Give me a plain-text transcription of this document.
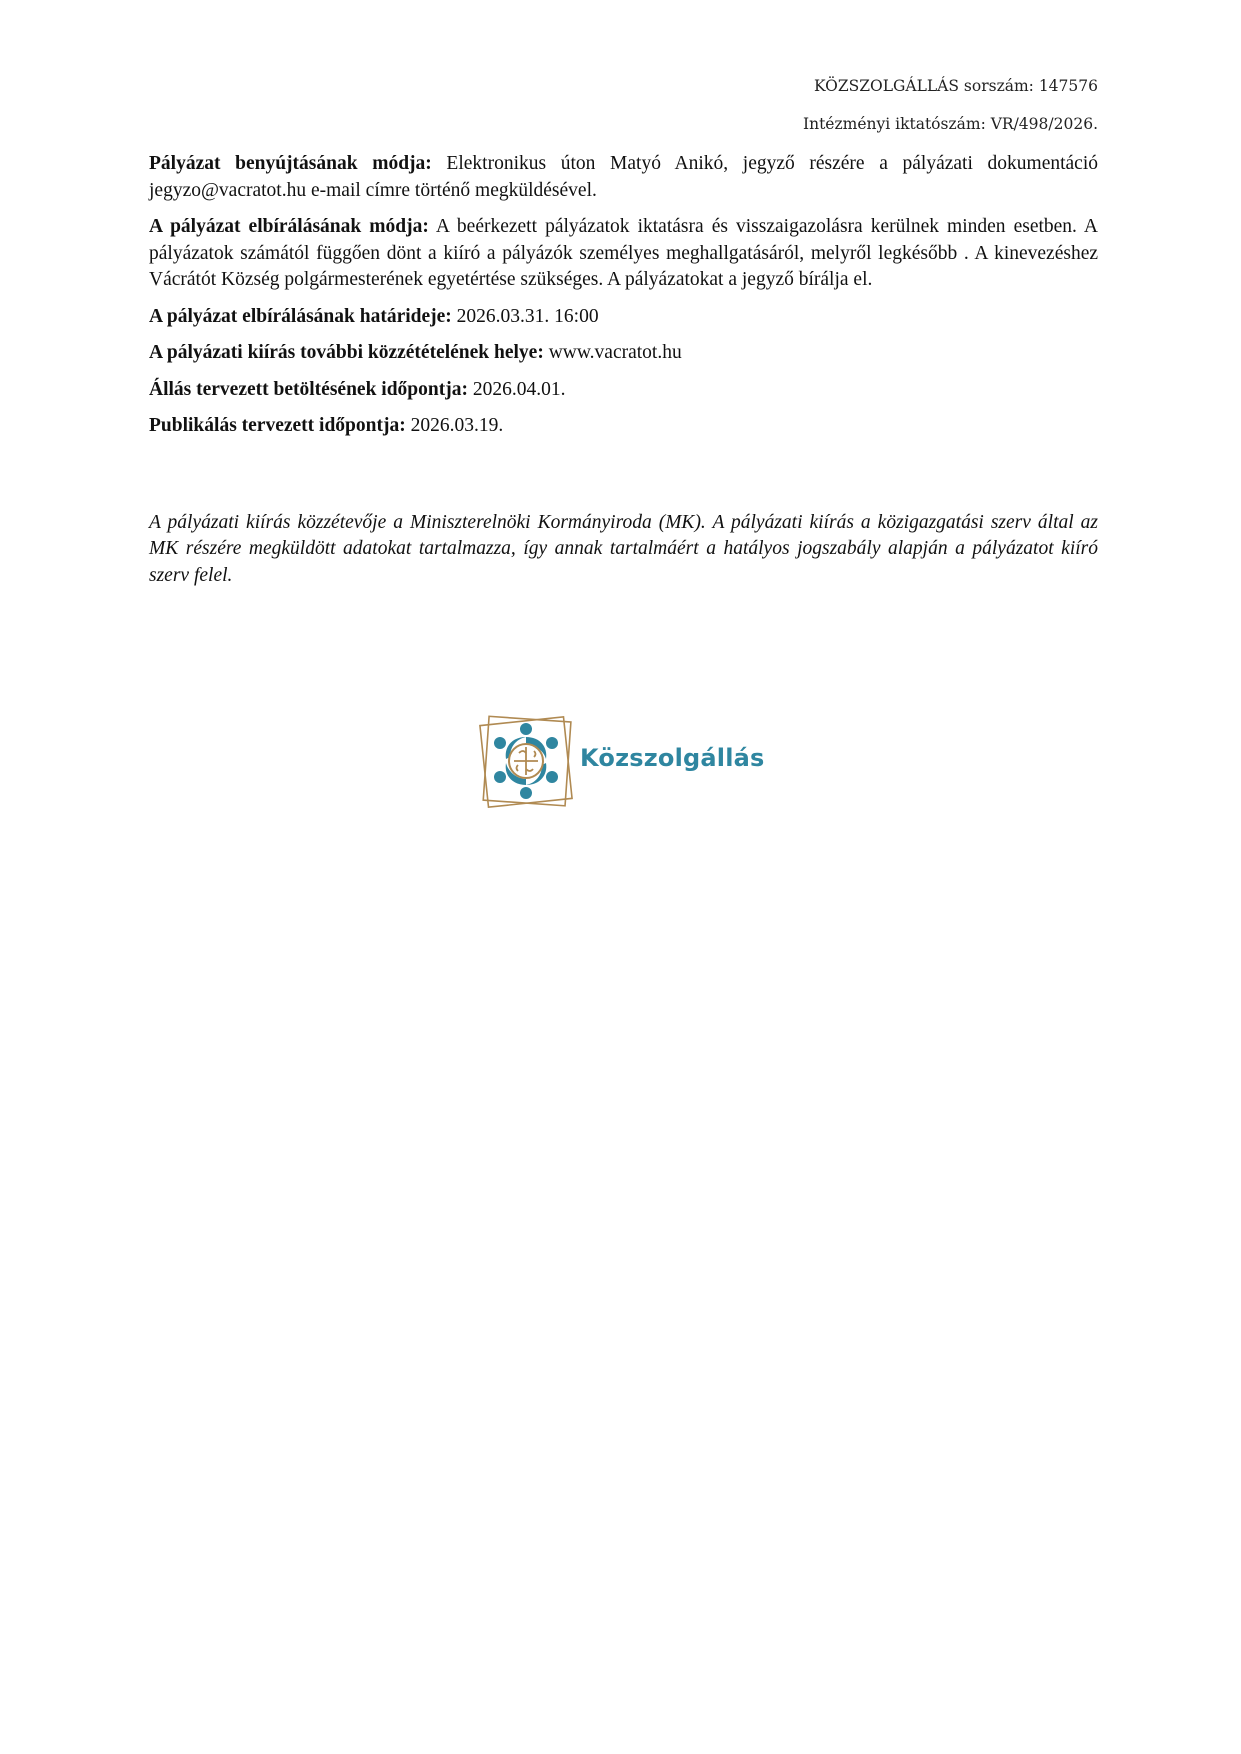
KÖZSZOLGÁLLÁS sorszám: 147576
Intézményi iktatószám: VR/498/2026.

Pályázat benyújtásának módja: Elektronikus úton Matyó Anikó, jegyző részére a pályázati dokumentáció jegyzo@vacratot.hu e-mail címre történő megküldésével.

A pályázat elbírálásának módja: A beérkezett pályázatok iktatásra és visszaigazolásra kerülnek minden esetben. A pályázatok számától függően dönt a kiíró a pályázók személyes meghallgatásáról, melyről legkésőbb . A kinevezéshez Vácrátót Község polgármesterének egyetértése szükséges. A pályázatokat a jegyző bírálja el.

A pályázat elbírálásának határideje: 2026.03.31. 16:00

A pályázati kiírás további közzétételének helye: www.vacratot.hu

Állás tervezett betöltésének időpontja: 2026.04.01.

Publikálás tervezett időpontja: 2026.03.19.

A pályázati kiírás közzétevője a Miniszterelnöki Kormányiroda (MK). A pályázati kiírás a közigazgatási szerv által az MK részére megküldött adatokat tartalmazza, így annak tartalmáért a hatályos jogszabály alapján a pályázatot kiíró szerv felel.

Közszolgállás
